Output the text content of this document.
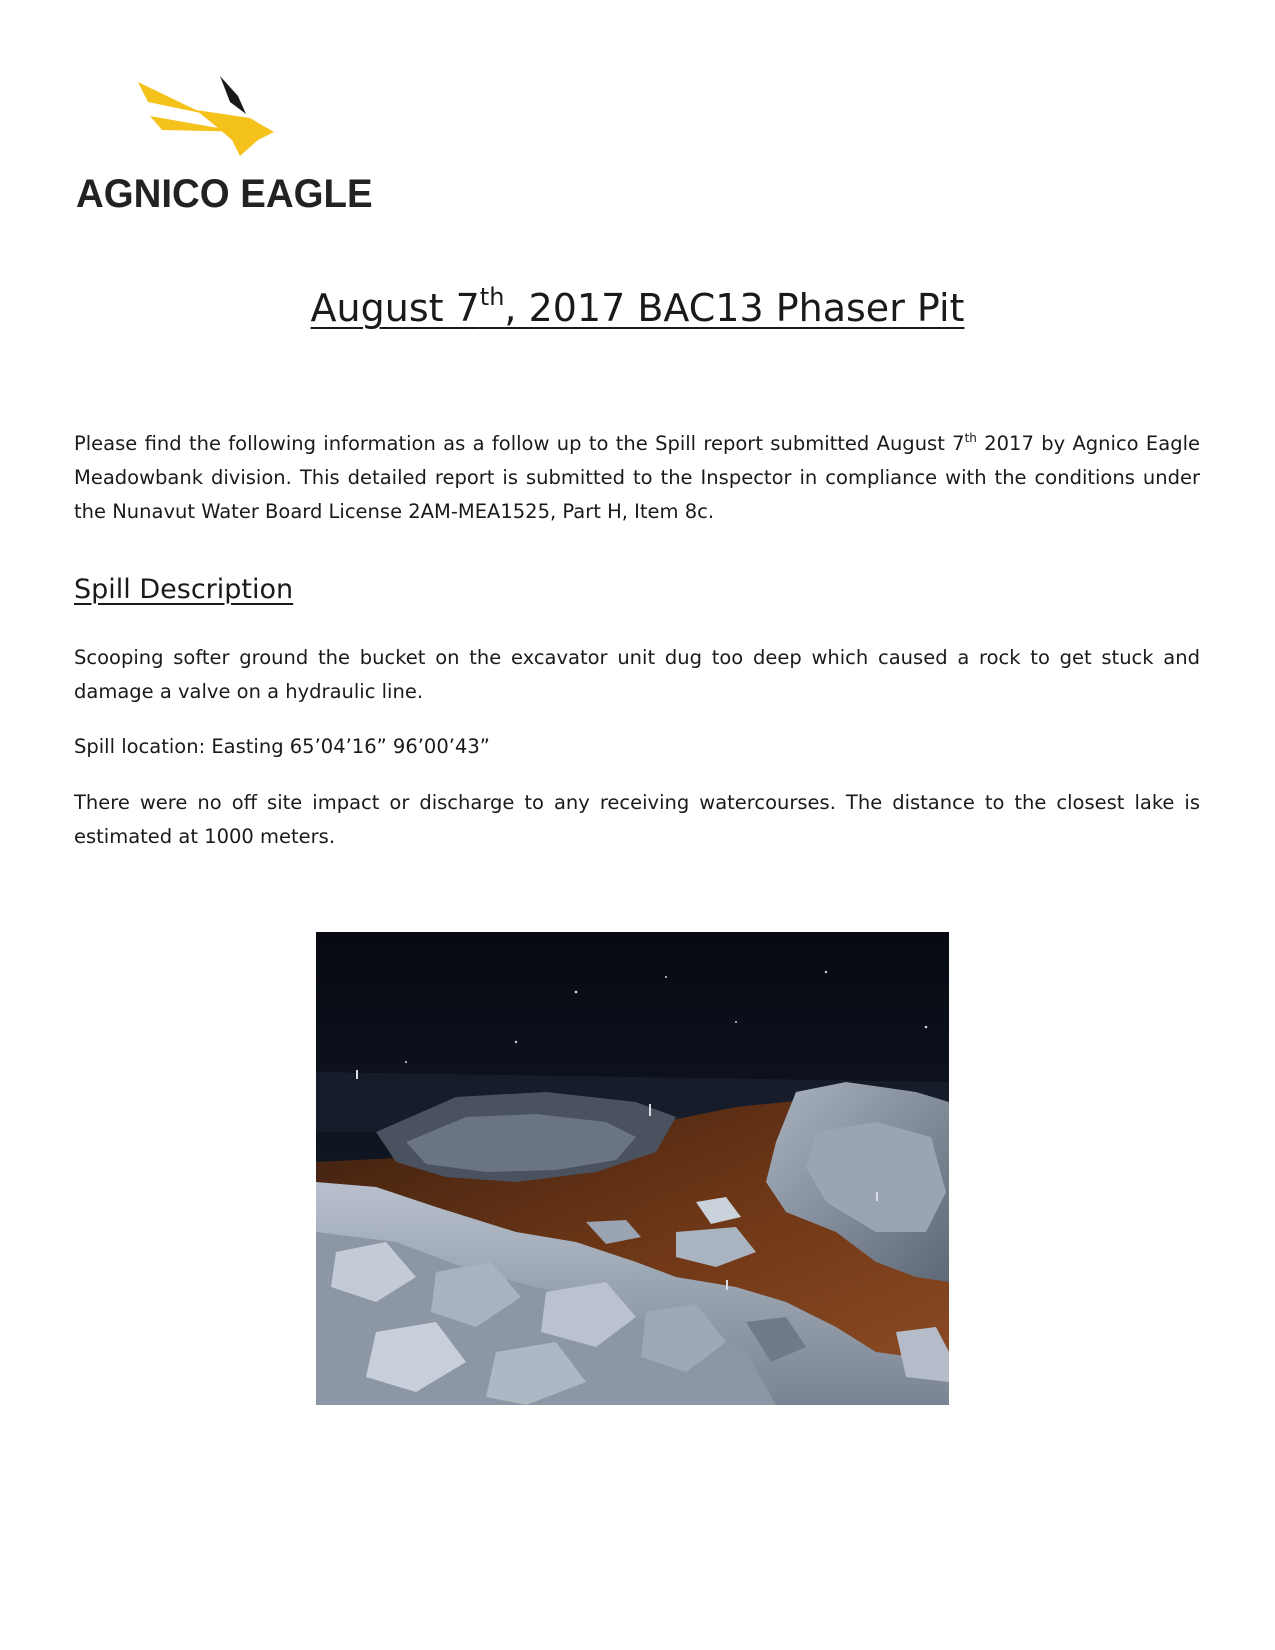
AGNICO EAGLE
August 7th, 2017 BAC13 Phaser Pit

Please find the following information as a follow up to the Spill report submitted August 7th 2017 by Agnico Eagle Meadowbank division. This detailed report is submitted to the Inspector in compliance with the conditions under the Nunavut Water Board License 2AM-MEA1525, Part H, Item 8c.

Spill Description

Scooping softer ground the bucket on the excavator unit dug too deep which caused a rock to get stuck and damage a valve on a hydraulic line.

Spill location: Easting 65’04’16” 96’00’43”

There were no off site impact or discharge to any receiving watercourses. The distance to the closest lake is estimated at 1000 meters.
